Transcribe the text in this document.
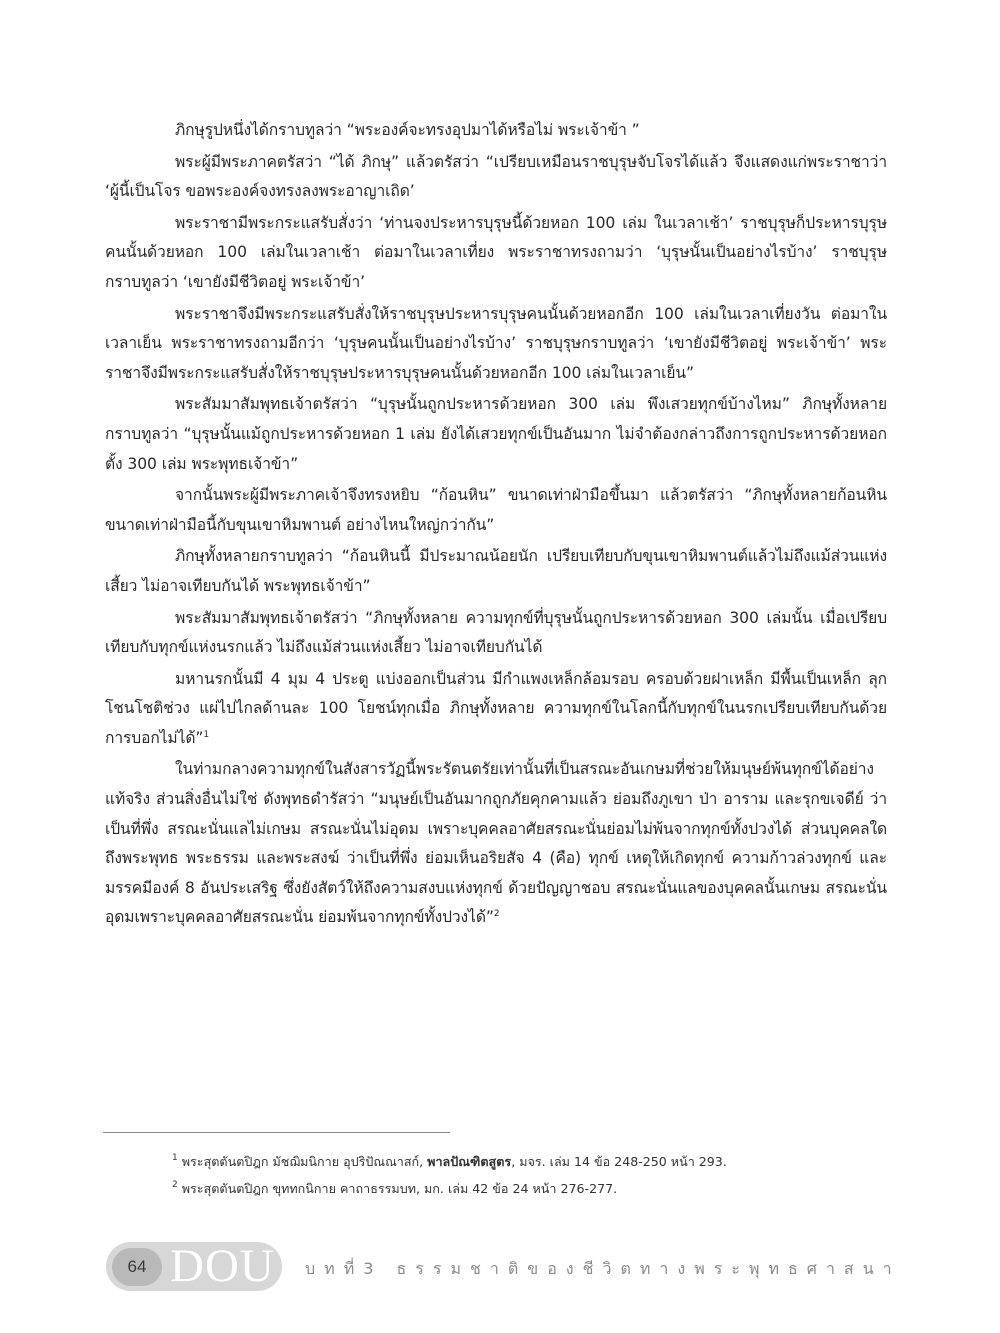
ภิกษุรูปหนึ่งได้กราบทูลว่า “พระองค์จะทรงอุปมาได้หรือไม่ พระเจ้าข้า ”

พระผู้มีพระภาคตรัสว่า “ได้ ภิกษุ” แล้วตรัสว่า “เปรียบเหมือนราชบุรุษจับโจรได้แล้ว จึงแสดงแก่พระราชาว่า ‘ผู้นี้เป็นโจร ขอพระองค์จงทรงลงพระอาญาเถิด’

พระราชามีพระกระแสรับสั่งว่า ‘ท่านจงประหารบุรุษนี้ด้วยหอก 100 เล่ม ในเวลาเช้า’ ราชบุรุษก็ประหารบุรุษคนนั้นด้วยหอก 100 เล่มในเวลาเช้า ต่อมาในเวลาเที่ยง พระราชาทรงถามว่า ‘บุรุษนั้นเป็นอย่างไรบ้าง’ ราชบุรุษกราบทูลว่า ‘เขายังมีชีวิตอยู่ พระเจ้าข้า’

พระราชาจึงมีพระกระแสรับสั่งให้ราชบุรุษประหารบุรุษคนนั้นด้วยหอกอีก 100 เล่มในเวลาเที่ยงวัน ต่อมาในเวลาเย็น พระราชาทรงถามอีกว่า ‘บุรุษคนนั้นเป็นอย่างไรบ้าง’ ราชบุรุษกราบทูลว่า ‘เขายังมีชีวิตอยู่ พระเจ้าข้า’ พระราชาจึงมีพระกระแสรับสั่งให้ราชบุรุษประหารบุรุษคนนั้นด้วยหอกอีก 100 เล่มในเวลาเย็น”

พระสัมมาสัมพุทธเจ้าตรัสว่า “บุรุษนั้นถูกประหารด้วยหอก 300 เล่ม พึงเสวยทุกข์บ้างไหม” ภิกษุทั้งหลายกราบทูลว่า “บุรุษนั้นแม้ถูกประหารด้วยหอก 1 เล่ม ยังได้เสวยทุกข์เป็นอันมาก ไม่จำต้องกล่าวถึงการถูกประหารด้วยหอกตั้ง 300 เล่ม พระพุทธเจ้าข้า”

จากนั้นพระผู้มีพระภาคเจ้าจึงทรงหยิบ “ก้อนหิน” ขนาดเท่าฝ่ามือขึ้นมา แล้วตรัสว่า “ภิกษุทั้งหลายก้อนหินขนาดเท่าฝ่ามือนี้กับขุนเขาหิมพานต์ อย่างไหนใหญ่กว่ากัน”

ภิกษุทั้งหลายกราบทูลว่า “ก้อนหินนี้ มีประมาณน้อยนัก เปรียบเทียบกับขุนเขาหิมพานต์แล้วไม่ถึงแม้ส่วนแห่งเสี้ยว ไม่อาจเทียบกันได้ พระพุทธเจ้าข้า”

พระสัมมาสัมพุทธเจ้าตรัสว่า “ภิกษุทั้งหลาย ความทุกข์ที่บุรุษนั้นถูกประหารด้วยหอก 300 เล่มนั้น เมื่อเปรียบเทียบกับทุกข์แห่งนรกแล้ว ไม่ถึงแม้ส่วนแห่งเสี้ยว ไม่อาจเทียบกันได้

มหานรกนั้นมี 4 มุม 4 ประตู แบ่งออกเป็นส่วน มีกำแพงเหล็กล้อมรอบ ครอบด้วยฝาเหล็ก มีพื้นเป็นเหล็ก ลุกโชนโชติช่วง แผ่ไปไกลด้านละ 100 โยชน์ทุกเมื่อ ภิกษุทั้งหลาย ความทุกข์ในโลกนี้กับทุกข์ในนรกเปรียบเทียบกันด้วยการบอกไม่ได้”$^1$

ในท่ามกลางความทุกข์ในสังสารวัฏนี้พระรัตนตรัยเท่านั้นที่เป็นสรณะอันเกษมที่ช่วยให้มนุษย์พ้นทุกข์ได้อย่างแท้จริง ส่วนสิ่งอื่นไม่ใช่ ดังพุทธดำรัสว่า “มนุษย์เป็นอันมากถูกภัยคุกคามแล้ว ย่อมถึงภูเขา ป่า อาราม และรุกขเจดีย์ ว่าเป็นที่พึ่ง สรณะนั่นแลไม่เกษม สรณะนั่นไม่อุดม เพราะบุคคลอาศัยสรณะนั่นย่อมไม่พ้นจากทุกข์ทั้งปวงได้ ส่วนบุคคลใดถึงพระพุทธ พระธรรม และพระสงฆ์ ว่าเป็นที่พึ่ง ย่อมเห็นอริยสัจ 4 (คือ) ทุกข์ เหตุให้เกิดทุกข์ ความก้าวล่วงทุกข์ และมรรคมีองค์ 8 อันประเสริฐ ซึ่งยังสัตว์ให้ถึงความสงบแห่งทุกข์ ด้วยปัญญาชอบ สรณะนั่นแลของบุคคลนั้นเกษม สรณะนั่นอุดมเพราะบุคคลอาศัยสรณะนั่น ย่อมพ้นจากทุกข์ทั้งปวงได้”$^2$

$^1$ พระสุตตันตปิฎก มัชฌิมนิกาย อุปริปัณณาสก์, พาลปัณฑิตสูตร, มจร. เล่ม 14 ข้อ 248-250 หน้า 293.
$^2$ พระสุตตันตปิฎก ขุททกนิกาย คาถาธรรมบท, มก. เล่ม 42 ข้อ 24 หน้า 276-277.
64 DOU บทที่3 ธรรมชาติของชีวิตทางพระพุทธศาสนา
